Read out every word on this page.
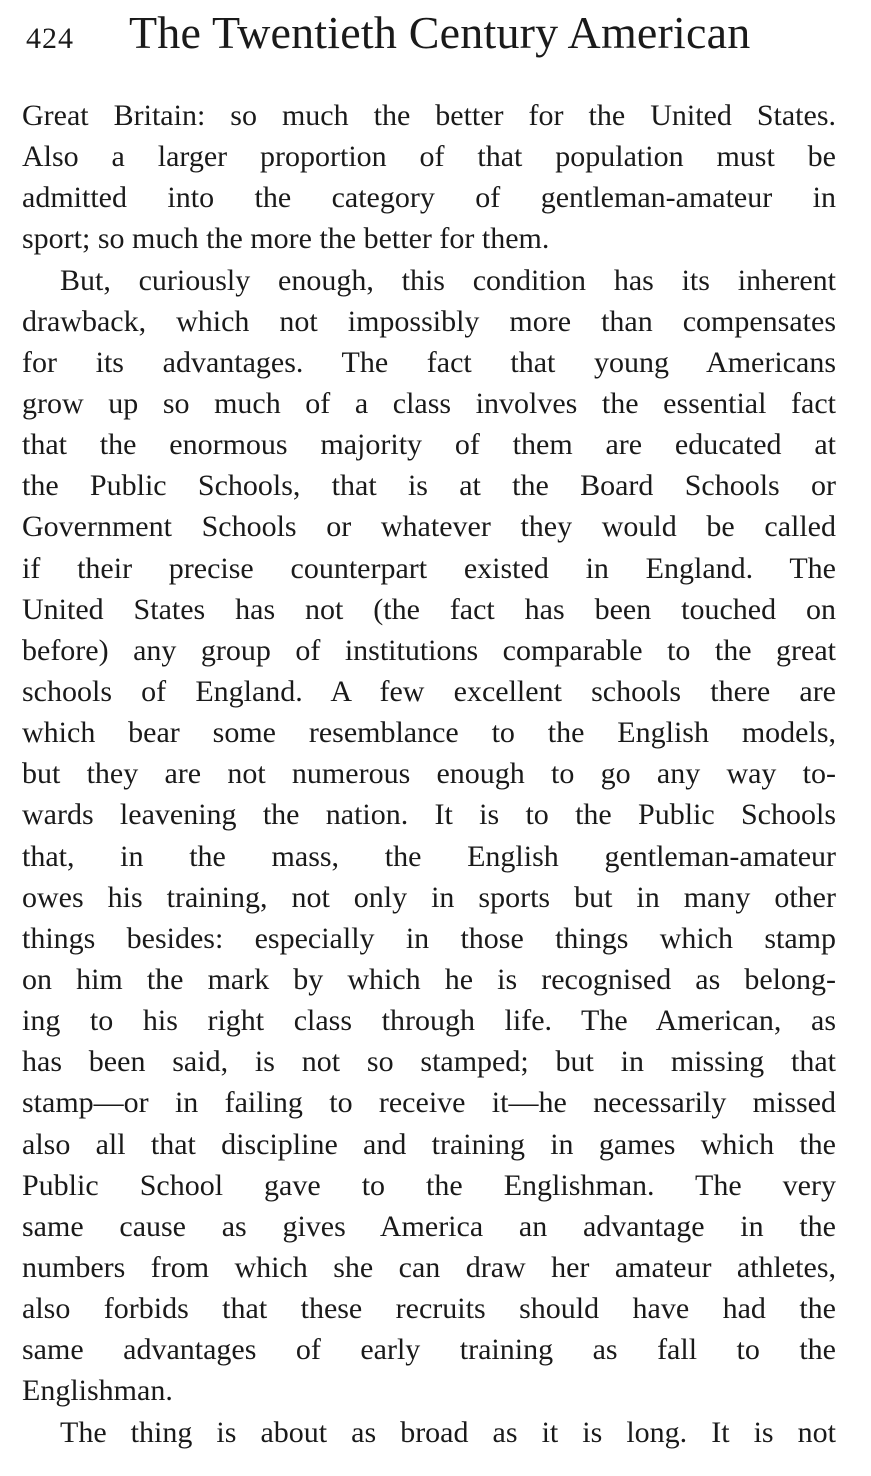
424 The Twentieth Century American
Great Britain: so much the better for the United States.
Also a larger proportion of that population must be
admitted into the category of gentleman-amateur in
sport; so much the more the better for them.
But, curiously enough, this condition has its inherent
drawback, which not impossibly more than compensates
for its advantages. The fact that young Americans
grow up so much of a class involves the essential fact
that the enormous majority of them are educated at
the Public Schools, that is at the Board Schools or
Government Schools or whatever they would be called
if their precise counterpart existed in England. The
United States has not (the fact has been touched on
before) any group of institutions comparable to the great
schools of England. A few excellent schools there are
which bear some resemblance to the English models,
but they are not numerous enough to go any way to-
wards leavening the nation. It is to the Public Schools
that, in the mass, the English gentleman-amateur
owes his training, not only in sports but in many other
things besides: especially in those things which stamp
on him the mark by which he is recognised as belong-
ing to his right class through life. The American, as
has been said, is not so stamped; but in missing that
stamp—or in failing to receive it—he necessarily missed
also all that discipline and training in games which the
Public School gave to the Englishman. The very
same cause as gives America an advantage in the
numbers from which she can draw her amateur athletes,
also forbids that these recruits should have had the
same advantages of early training as fall to the
Englishman.
The thing is about as broad as it is long. It is not
